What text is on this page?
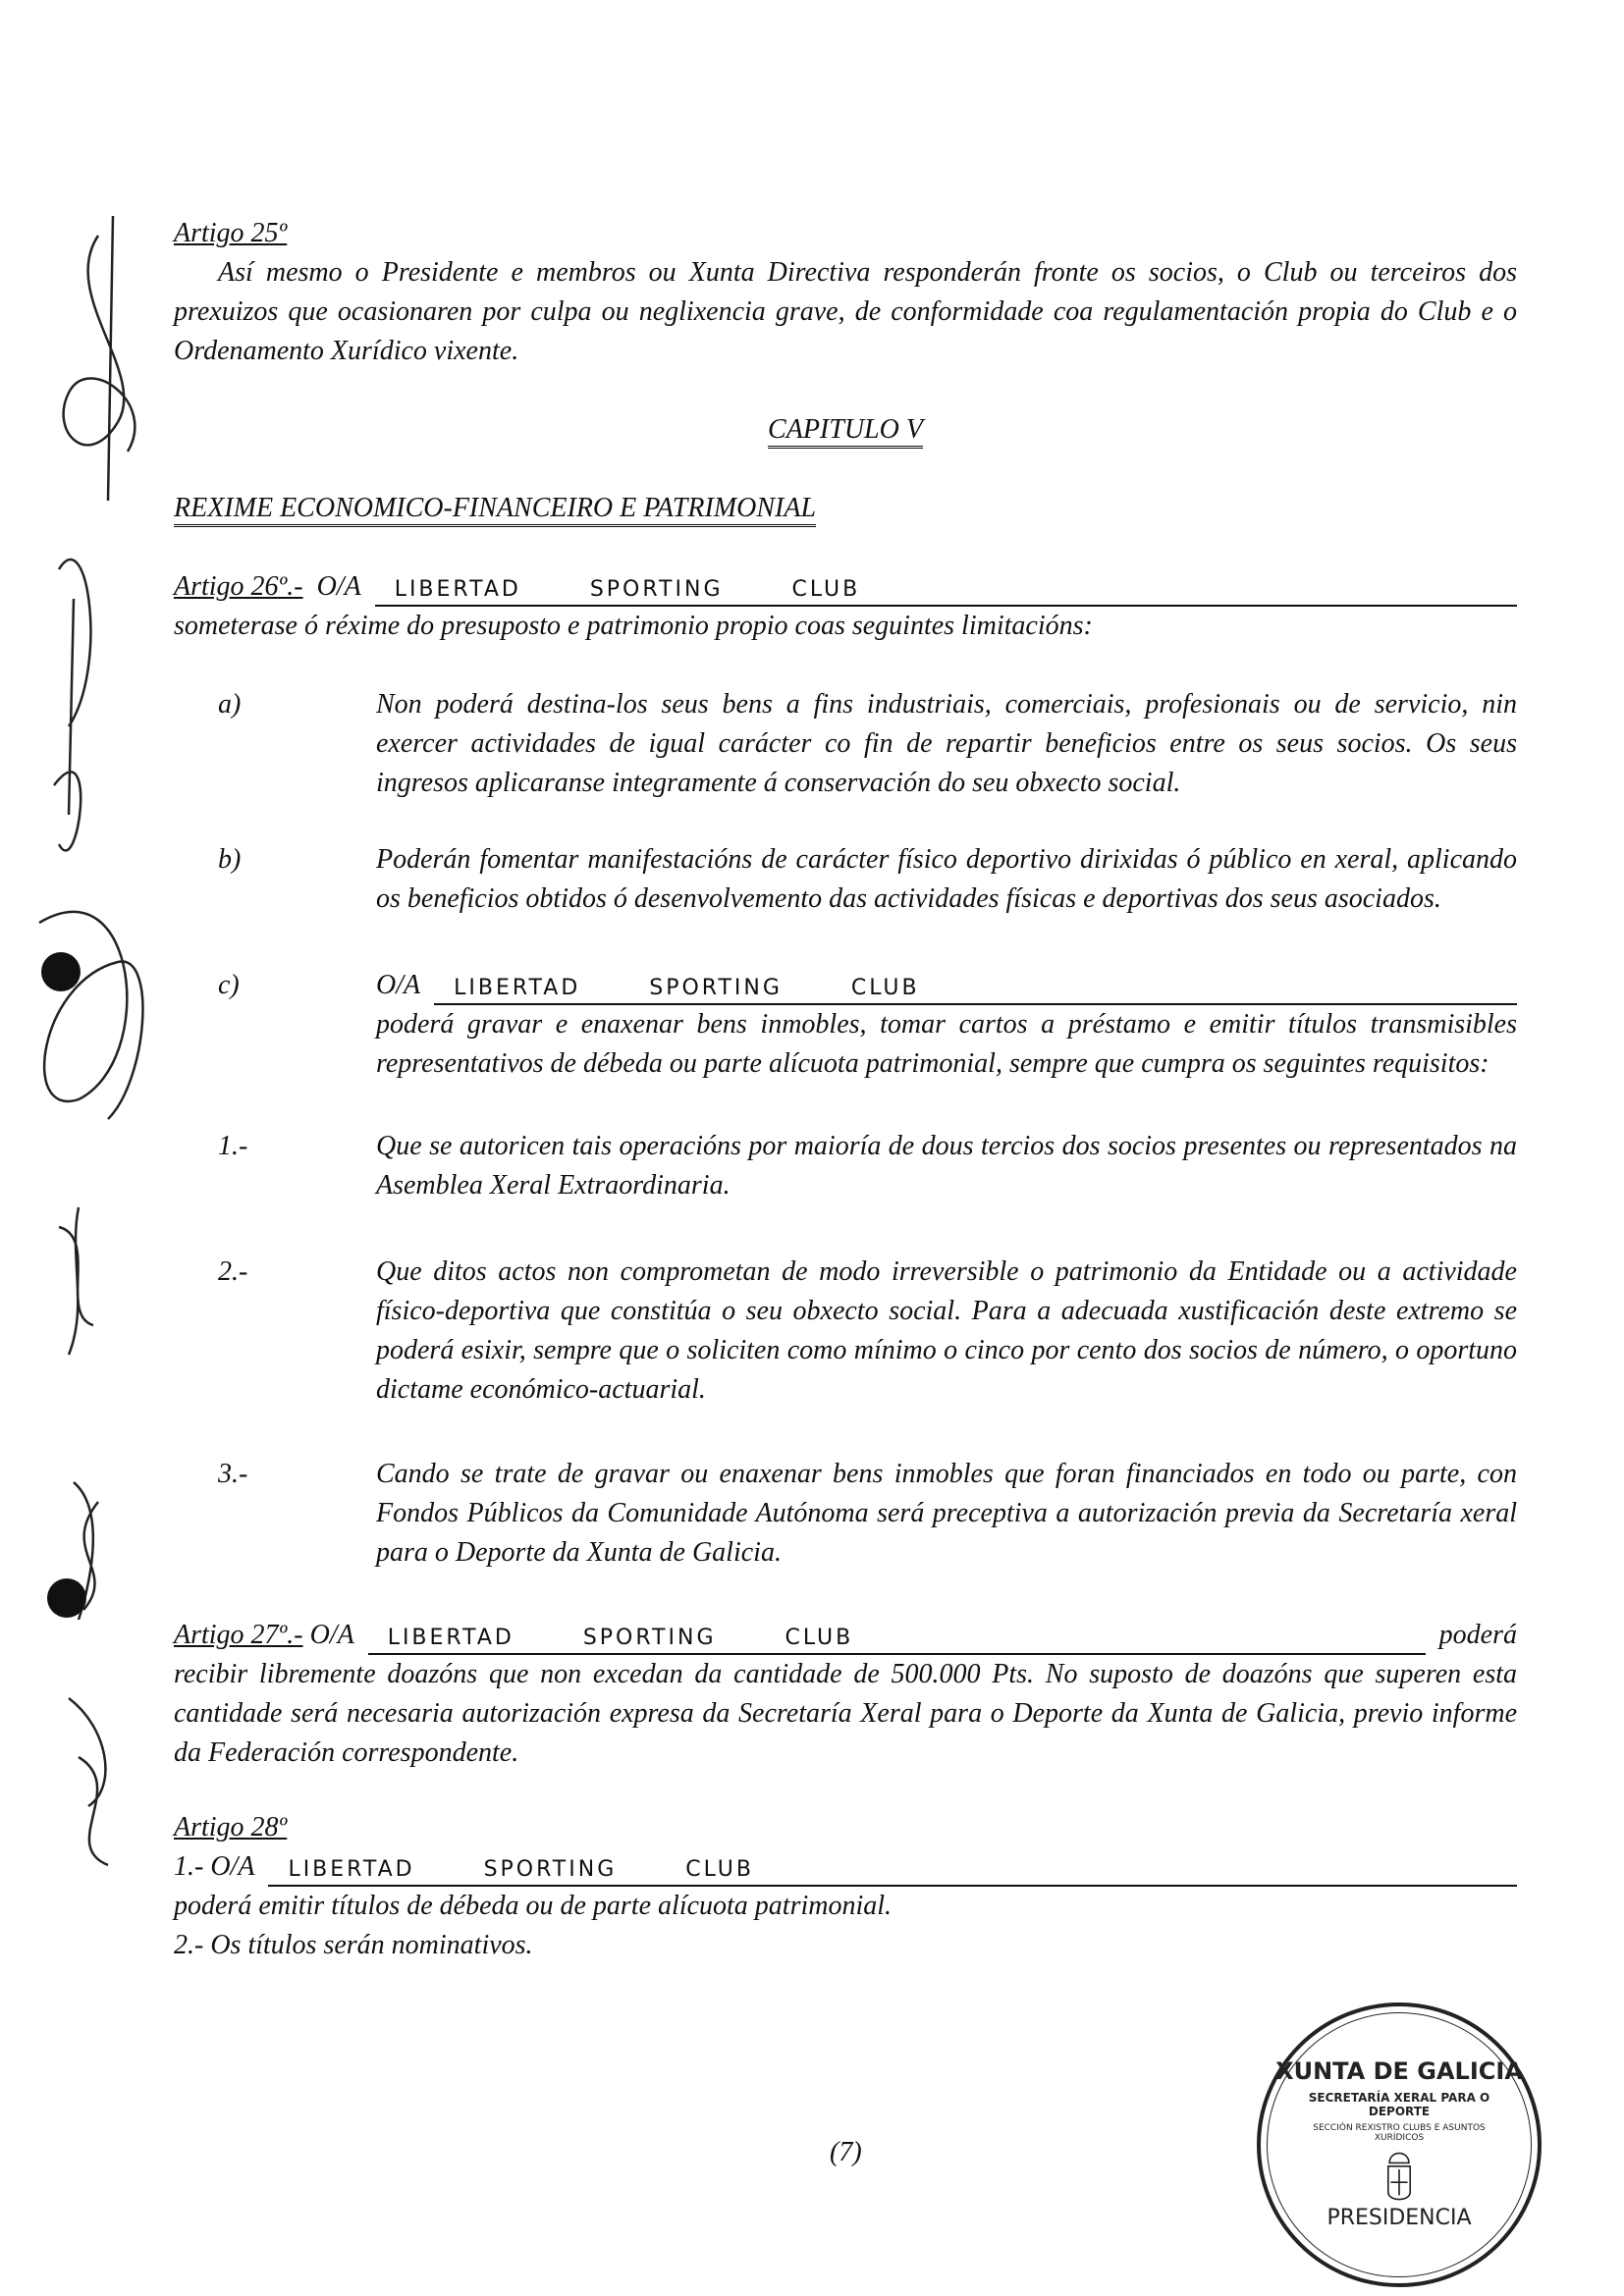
Artigo 25º

Así mesmo o Presidente e membros ou Xunta Directiva responderán fronte os socios, o Club ou terceiros dos prexuizos que ocasionaren por culpa ou neglixencia grave, de conformidade coa regulamentación propia do Club e o Ordenamento Xurídico vixente.

CAPITULO V

REXIME ECONOMICO-FINANCEIRO E PATRIMONIAL

Artigo 26º.-
O/A	LIBERTAD SPORTING CLUB

someterase ó réxime do presuposto e patrimonio propio coas seguintes limitacións:

a)	Non poderá destina-los seus bens a fins industriais, comerciais, profesionais ou de servicio, nin exercer actividades de igual carácter co fin de repartir beneficios entre os seus socios. Os seus ingresos aplicaranse integramente á conservación do seu obxecto social.

b)	Poderán fomentar manifestacións de carácter físico deportivo dirixidas ó público en xeral, aplicando os beneficios obtidos ó desenvolvemento das actividades físicas e deportivas dos seus asociados.

c)	O/A	LIBERTAD SPORTING CLUB

poderá gravar e enaxenar bens inmobles, tomar cartos a préstamo e emitir títulos transmisibles representativos de débeda ou parte alícuota patrimonial, sempre que cumpra os seguintes requisitos:

1.-	Que se autoricen tais operacións por maioría de dous tercios dos socios presentes ou representados na Asemblea Xeral Extraordinaria.

2.-	Que ditos actos non comprometan de modo irreversible o patrimonio da Entidade ou a actividade físico-deportiva que constitúa o seu obxecto social. Para a adecuada xustificación deste extremo se poderá esixir, sempre que o soliciten como mínimo o cinco por cento dos socios de número, o oportuno dictame económico-actuarial.

3.-	Cando se trate de gravar ou enaxenar bens inmobles que foran financiados en todo ou parte, con Fondos Públicos da Comunidade Autónoma será preceptiva a autorización previa da Secretaría xeral para o Deporte da Xunta de Galicia.

Artigo 27º.-
O/A	LIBERTAD SPORTING CLUB	poderá

recibir libremente doazóns que non excedan da cantidade de 500.000 Pts. No suposto de doazóns que superen esta cantidade será necesaria autorización expresa da Secretaría Xeral para o Deporte da Xunta de Galicia, previo informe da Federación correspondente.

Artigo 28º

1.- O/A	LIBERTAD SPORTING CLUB

poderá emitir títulos de débeda ou de parte alícuota patrimonial.

2.- Os títulos serán nominativos.

(7)

XUNTA DE GALICIA
SECRETARÍA XERAL PARA O DEPORTE
SECCIÓN REXISTRO CLUBS E ASUNTOS XURÍDICOS
PRESIDENCIA
